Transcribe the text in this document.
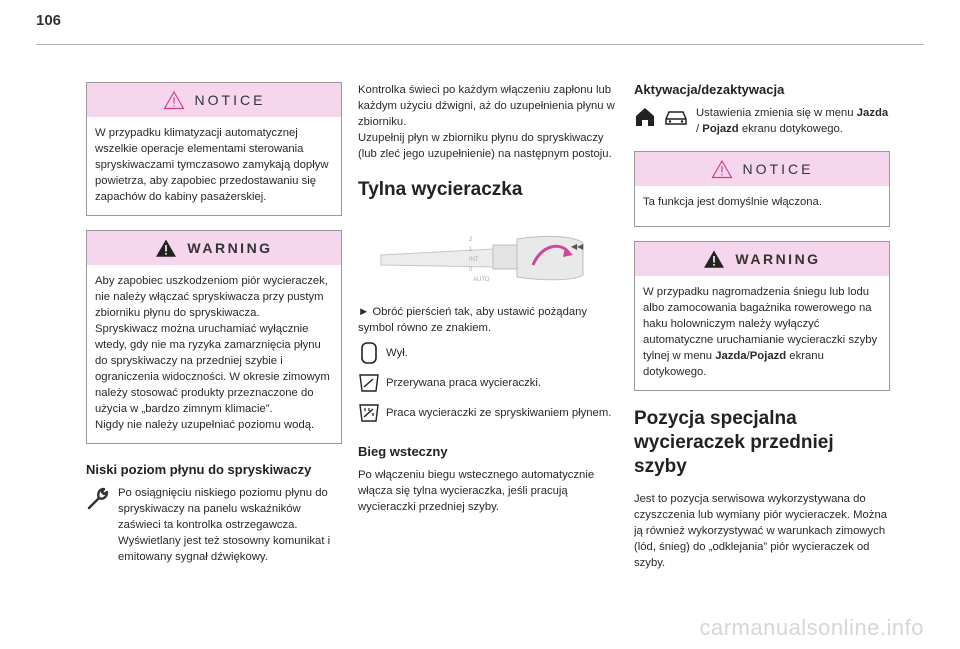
106
NOTICE

W przypadku klimatyzacji automatycznej wszelkie operacje elementami sterowania spryskiwaczami tymczasowo zamykają dopływ powietrza, aby zapobiec przedostawaniu się zapachów do kabiny pasażerskiej.

WARNING

Aby zapobiec uszkodzeniom piór wycieraczek, nie należy włączać spryskiwacza przy pustym zbiorniku płynu do spryskiwacza.

Spryskiwacz można uruchamiać wyłącznie wtedy, gdy nie ma ryzyka zamarznięcia płynu do spryskiwaczy na przedniej szybie i ograniczenia widoczności. W okresie zimowym należy stosować produkty przeznaczone do użycia w „bardzo zimnym klimacie”.

Nigdy nie należy uzupełniać poziomu wodą.

Niski poziom płynu do spryskiwaczy

Po osiągnięciu niskiego poziomu płynu do spryskiwaczy na panelu wskaźników zaświeci ta kontrolka ostrzegawcza. Wyświetlany jest też stosowny komunikat i emitowany sygnał dźwiękowy.

Kontrolka świeci po każdym włączeniu zapłonu lub każdym użyciu dźwigni, aż do uzupełnienia płynu w zbiorniku.

Uzupełnij płyn w zbiorniku płynu do spryskiwaczy (lub zleć jego uzupełnienie) na następnym postoju.

Tylna wycieraczka
2
1
INT
0
AUTO
◀◀

► Obróć pierścień tak, aby ustawić pożądany symbol równo ze znakiem.

Wył.

Przerywana praca wycieraczki.

Praca wycieraczki ze spryskiwaniem płynem.

Bieg wsteczny

Po włączeniu biegu wstecznego automatycznie włącza się tylna wycieraczka, jeśli pracują wycieraczki przedniej szyby.

Aktywacja/dezaktywacja

Ustawienia zmienia się w menu Jazda / Pojazd ekranu dotykowego.

NOTICE

Ta funkcja jest domyślnie włączona.

WARNING

W przypadku nagromadzenia śniegu lub lodu albo zamocowania bagażnika rowerowego na haku holowniczym należy wyłączyć automatyczne uruchamianie wycieraczki szyby tylnej w menu Jazda/Pojazd ekranu dotykowego.

Pozycja specjalna wycieraczek przedniej szyby

Jest to pozycja serwisowa wykorzystywana do czyszczenia lub wymiany piór wycieraczek. Można ją również wykorzystywać w warunkach zimowych (lód, śnieg) do „odklejania” piór wycieraczek od szyby.

carmanualsonline.info
